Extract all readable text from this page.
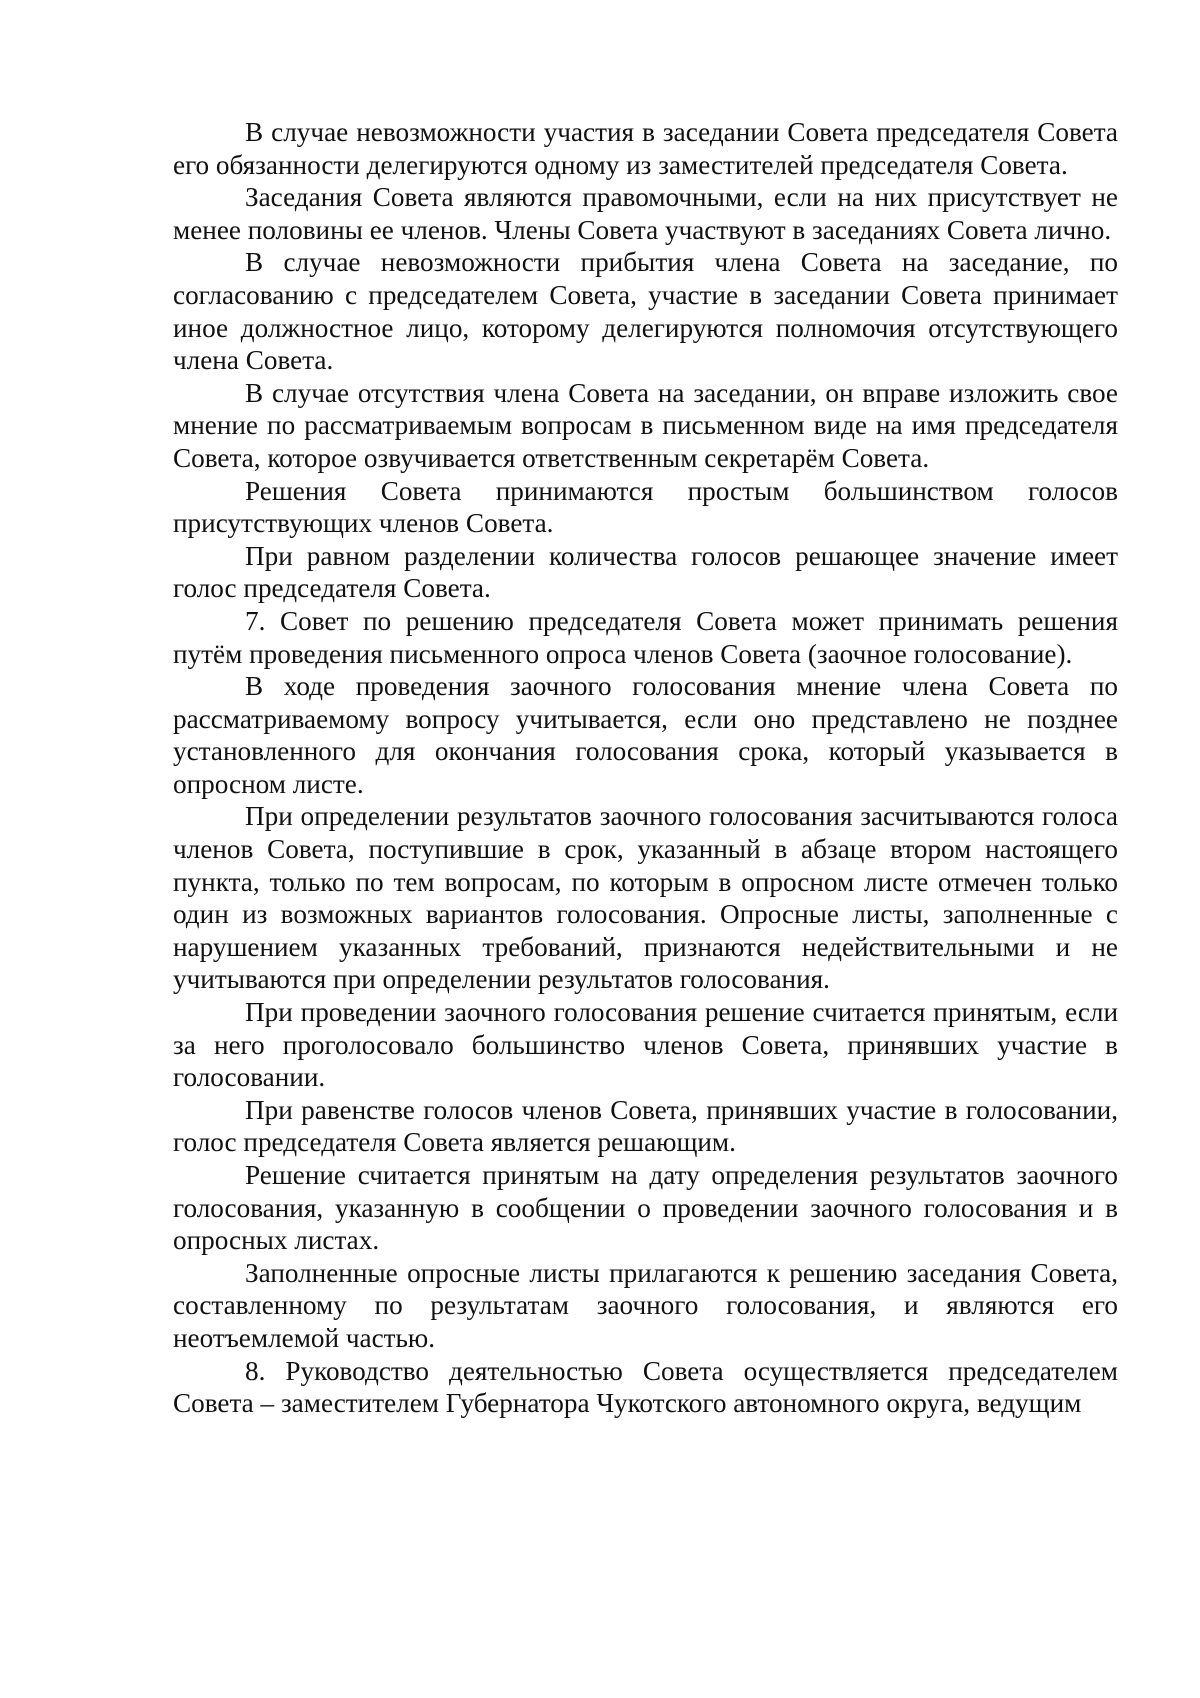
В случае невозможности участия в заседании Совета председателя Совета его обязанности делегируются одному из заместителей председателя Совета.

Заседания Совета являются правомочными, если на них присутствует не менее половины ее членов. Члены Совета участвуют в заседаниях Совета лично.

В случае невозможности прибытия члена Совета на заседание, по согласованию с председателем Совета, участие в заседании Совета принимает иное должностное лицо, которому делегируются полномочия отсутствующего члена Совета.

В случае отсутствия члена Совета на заседании, он вправе изложить свое мнение по рассматриваемым вопросам в письменном виде на имя председателя Совета, которое озвучивается ответственным секретарём Совета.

Решения Совета принимаются простым большинством голосов присутствующих членов Совета.

При равном разделении количества голосов решающее значение имеет голос председателя Совета.

7. Совет по решению председателя Совета может принимать решения путём проведения письменного опроса членов Совета (заочное голосование).

В ходе проведения заочного голосования мнение члена Совета по рассматриваемому вопросу учитывается, если оно представлено не позднее установленного для окончания голосования срока, который указывается в опросном листе.

При определении результатов заочного голосования засчитываются голоса членов Совета, поступившие в срок, указанный в абзаце втором настоящего пункта, только по тем вопросам, по которым в опросном листе отмечен только один из возможных вариантов голосования. Опросные листы, заполненные с нарушением указанных требований, признаются недействительными и не учитываются при определении результатов голосования.

При проведении заочного голосования решение считается принятым, если за него проголосовало большинство членов Совета, принявших участие в голосовании.

При равенстве голосов членов Совета, принявших участие в голосовании, голос председателя Совета является решающим.

Решение считается принятым на дату определения результатов заочного голосования, указанную в сообщении о проведении заочного голосования и в опросных листах.

Заполненные опросные листы прилагаются к решению заседания Совета, составленному по результатам заочного голосования, и являются его неотъемлемой частью.

8. Руководство деятельностью Совета осуществляется председателем Совета – заместителем Губернатора Чукотского автономного округа, ведущим
